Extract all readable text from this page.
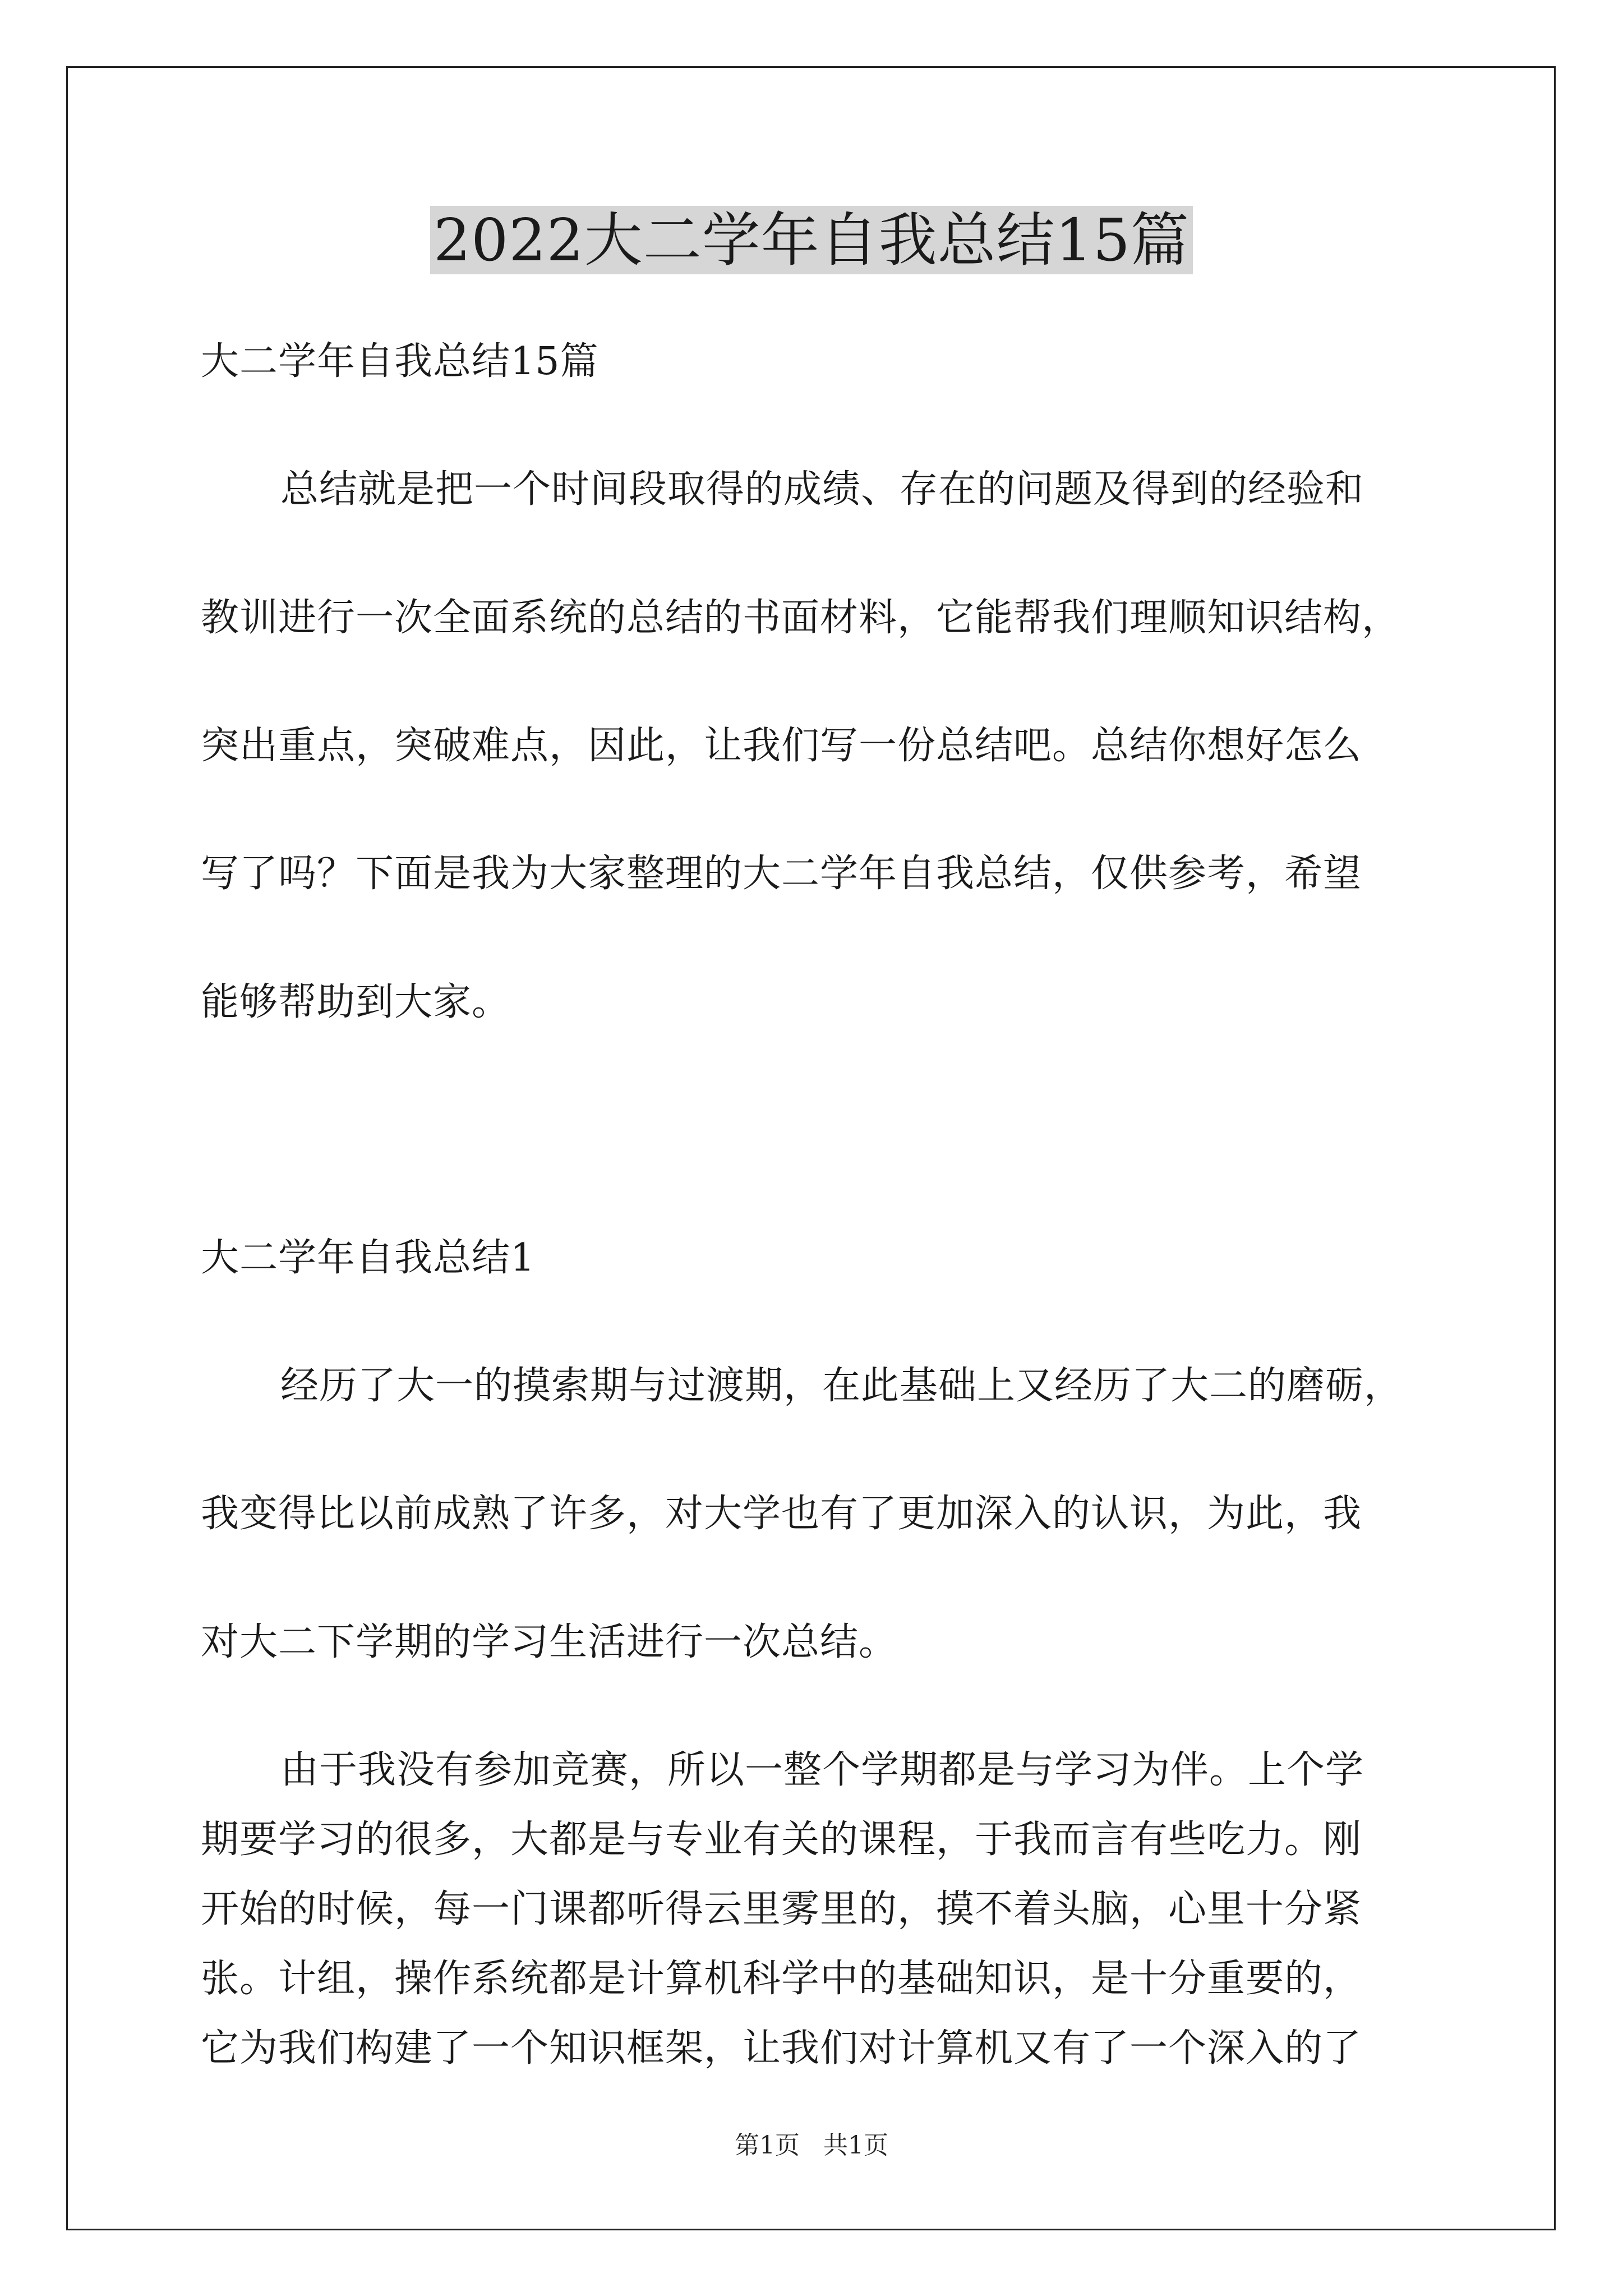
2022大二学年自我总结15篇

大二学年自我总结15篇

总结就是把一个时间段取得的成绩、存在的问题及得到的经验和

教训进行一次全面系统的总结的书面材料，它能帮我们理顺知识结构，

突出重点，突破难点，因此，让我们写一份总结吧。总结你想好怎么

写了吗？下面是我为大家整理的大二学年自我总结，仅供参考，希望

能够帮助到大家。

大二学年自我总结1

经历了大一的摸索期与过渡期，在此基础上又经历了大二的磨砺，

我变得比以前成熟了许多，对大学也有了更加深入的认识，为此，我

对大二下学期的学习生活进行一次总结。

由于我没有参加竞赛，所以一整个学期都是与学习为伴。上个学

期要学习的很多，大都是与专业有关的课程，于我而言有些吃力。刚

开始的时候，每一门课都听得云里雾里的，摸不着头脑，心里十分紧

第1页   共1页

张。计组，操作系统都是计算机科学中的基础知识，是十分重要的，

它为我们构建了一个知识框架，让我们对计算机又有了一个深入的了
